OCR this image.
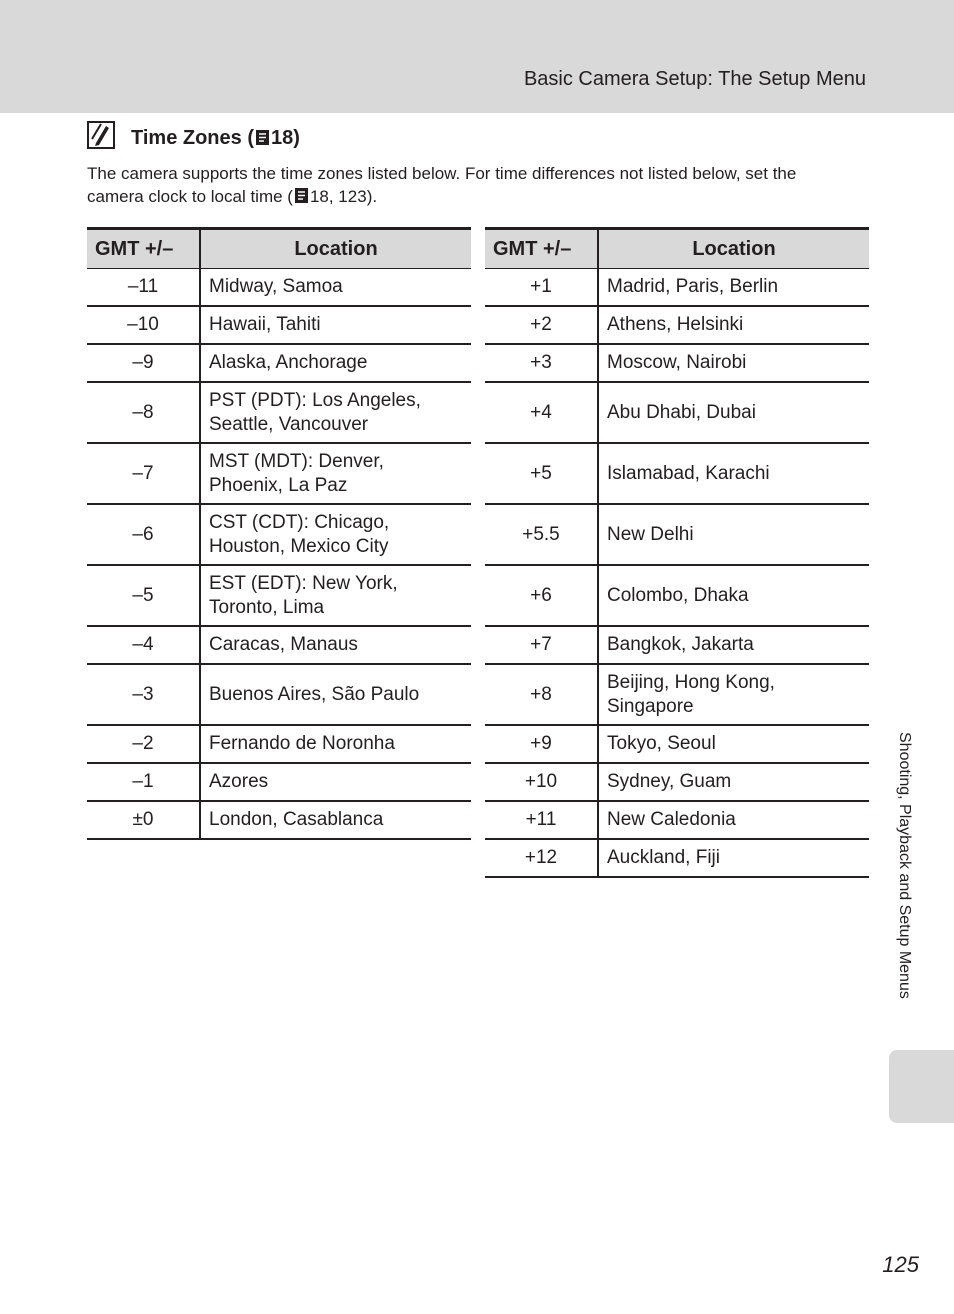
Basic Camera Setup: The Setup Menu
Time Zones ( 18)
The camera supports the time zones listed below. For time differences not listed below, set the camera clock to local time ( 18, 123).
GMT +/–	Location
–11	Midway, Samoa
–10	Hawaii, Tahiti
–9	Alaska, Anchorage
–8	PST (PDT): Los Angeles, Seattle, Vancouver
–7	MST (MDT): Denver, Phoenix, La Paz
–6	CST (CDT): Chicago, Houston, Mexico City
–5	EST (EDT): New York, Toronto, Lima
–4	Caracas, Manaus
–3	Buenos Aires, São Paulo
–2	Fernando de Noronha
–1	Azores
±0	London, Casablanca
GMT +/–	Location
+1	Madrid, Paris, Berlin
+2	Athens, Helsinki
+3	Moscow, Nairobi
+4	Abu Dhabi, Dubai
+5	Islamabad, Karachi
+5.5	New Delhi
+6	Colombo, Dhaka
+7	Bangkok, Jakarta
+8	Beijing, Hong Kong, Singapore
+9	Tokyo, Seoul
+10	Sydney, Guam
+11	New Caledonia
+12	Auckland, Fiji	Shooting, Playback and Setup Menus
125
